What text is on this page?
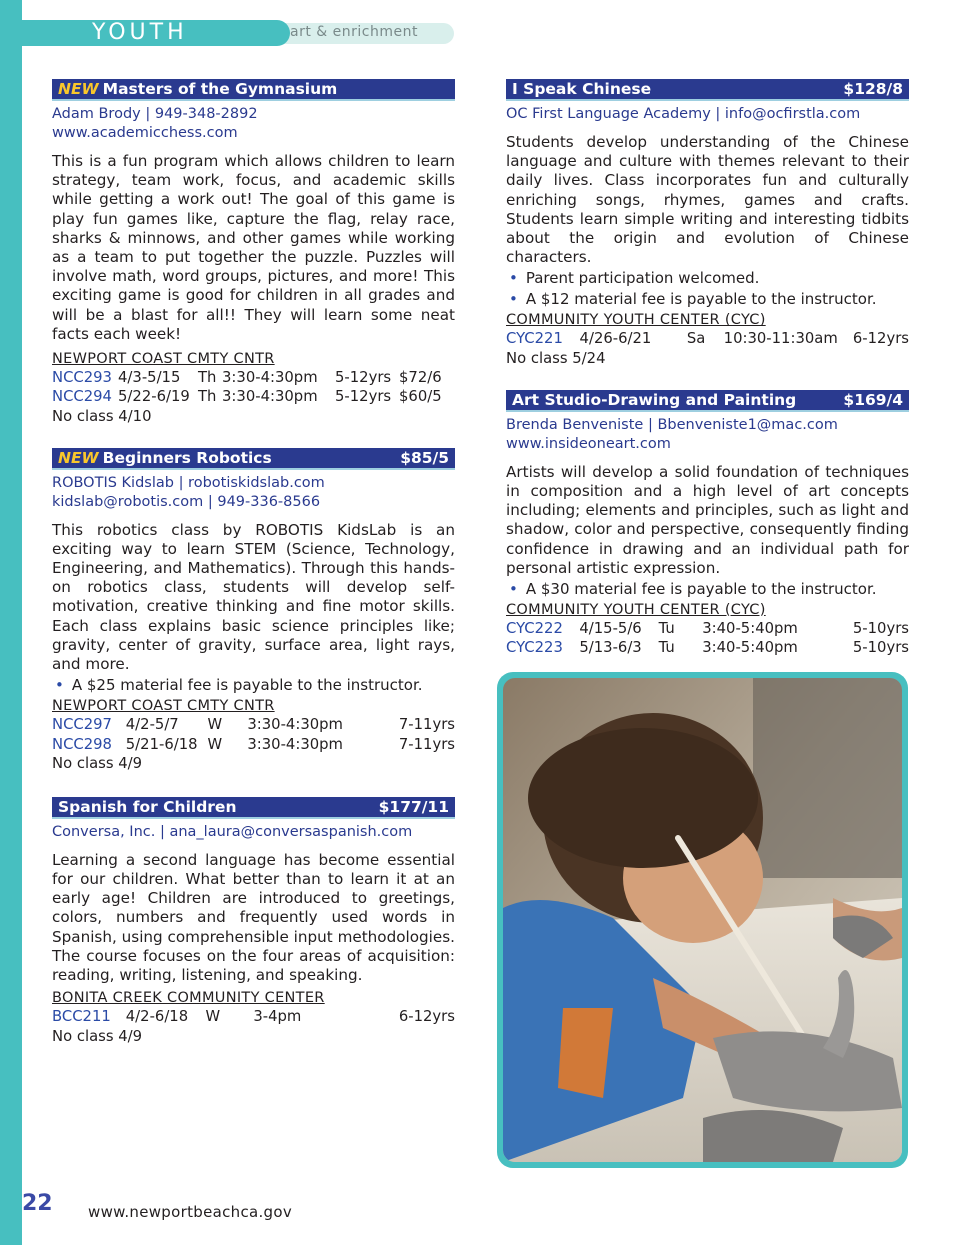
YOUTH	art & enrichment
NEW Masters of the Gymnasium
Adam Brody | 949-348-2892
www.academicchess.com
This is a fun program which allows children to learn strategy, team work, focus, and academic skills while getting a work out! The goal of this game is play fun games like, capture the flag, relay race, sharks & minnows, and other games while working as a team to put together the puzzle. Puzzles will involve math, word groups, pictures, and more! This exciting game is good for children in all grades and will be a blast for all!! They will learn some neat facts each week!
NEWPORT COAST CMTY CNTR
NCC293 4/3-5/15	Th 3:30-4:30pm	5-12yrs $72/6
NCC294 5/22-6/19 Th 3:30-4:30pm	5-12yrs $60/5
No class 4/10
NEW Beginners Robotics	$85/5
ROBOTIS Kidslab | robotiskidslab.com
kidslab@robotis.com | 949-336-8566
This robotics class by ROBOTIS KidsLab is an exciting way to learn STEM (Science, Technology, Engineering, and Mathematics). Through this hands-on robotics class, students will develop self-motivation, creative thinking and fine motor skills. Each class explains basic science principles like; gravity, center of gravity, surface area, light rays, and more.
• A $25 material fee is payable to the instructor.
NEWPORT COAST CMTY CNTR
NCC297 4/2-5/7	W	3:30-4:30pm	7-11yrs
NCC298 5/21-6/18 W	3:30-4:30pm	7-11yrs
No class 4/9
Spanish for Children	$177/11
Conversa, Inc. | ana_laura@conversaspanish.com
Learning a second language has become essential for our children. What better than to learn it at an early age! Children are introduced to greetings, colors, numbers and frequently used words in Spanish, using comprehensible input methodologies. The course focuses on the four areas of acquisition: reading, writing, listening, and speaking.
BONITA CREEK COMMUNITY CENTER
BCC211	4/2-6/18	W	3-4pm	6-12yrs
No class 4/9
I Speak Chinese	$128/8
OC First Language Academy | info@ocfirstla.com
Students develop understanding of the Chinese language and culture with themes relevant to their daily lives. Class incorporates fun and culturally enriching songs, rhymes, games and crafts. Students learn simple writing and interesting tidbits about the origin and evolution of Chinese characters.
• Parent participation welcomed.
• A $12 material fee is payable to the instructor.
COMMUNITY YOUTH CENTER (CYC)
CYC221	4/26-6/21	Sa	10:30-11:30am	6-12yrs
No class 5/24
Art Studio-Drawing and Painting	$169/4
Brenda Benveniste | Bbenveniste1@mac.com
www.insideoneart.com
Artists will develop a solid foundation of techniques in composition and a high level of art concepts including; elements and principles, such as light and shadow, color and perspective, consequently finding confidence in drawing and an individual path for personal artistic expression.
• A $30 material fee is payable to the instructor.
COMMUNITY YOUTH CENTER (CYC)
CYC222	4/15-5/6	Tu	3:40-5:40pm	5-10yrs
CYC223	5/13-6/3	Tu	3:40-5:40pm	5-10yrs
22 www.newportbeachca.gov
